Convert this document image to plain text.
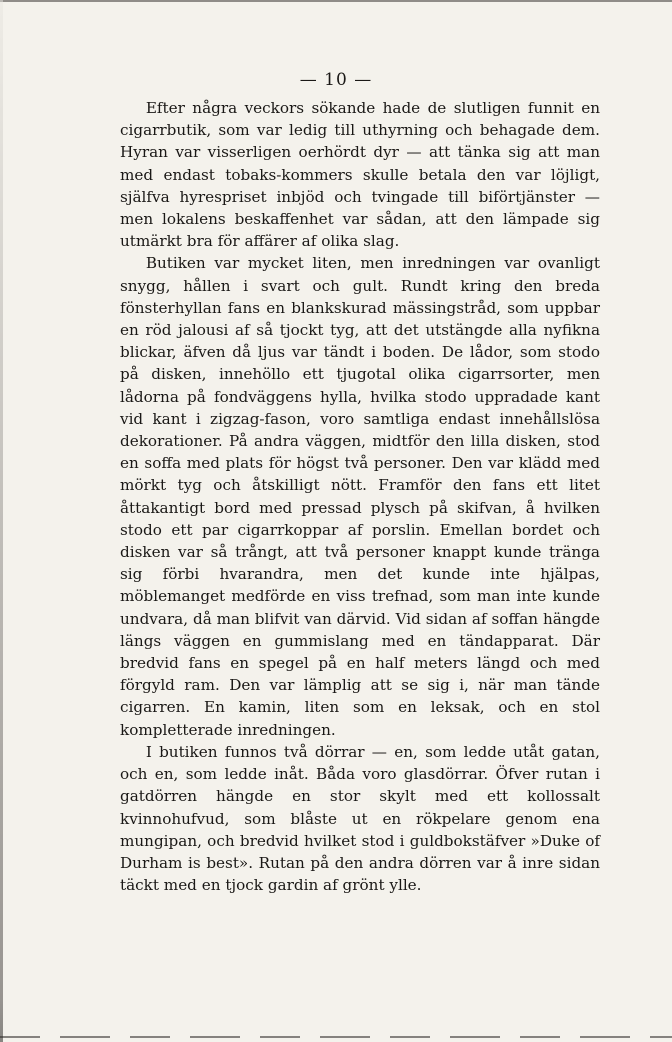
— 10 —

Efter några veckors sökande hade de slutligen funnit en cigarrbutik, som var ledig till uthyrning och behagade dem. Hyran var visserligen oerhördt dyr — att tänka sig att man med endast tobaks-kommers skulle betala den var löjligt, själfva hyrespriset inbjöd och tvingade till biförtjänster — men lokalens beskaffenhet var sådan, att den lämpade sig utmärkt bra för affärer af olika slag.

Butiken var mycket liten, men inredningen var ovanligt snygg, hållen i svart och gult. Rundt kring den breda fönsterhyllan fans en blankskurad mässingstråd, som uppbar en röd jalousi af så tjockt tyg, att det utstängde alla nyfikna blickar, äfven då ljus var tändt i boden. De lådor, som stodo på disken, innehöllo ett tjugotal olika cigarrsorter, men lådorna på fondväggens hylla, hvilka stodo uppradade kant vid kant i zigzag-fason, voro samtliga endast innehållslösa dekorationer. På andra väggen, midtför den lilla disken, stod en soffa med plats för högst två personer. Den var klädd med mörkt tyg och åtskilligt nött. Framför den fans ett litet åttakantigt bord med pressad plysch på skifvan, å hvilken stodo ett par cigarrkoppar af porslin. Emellan bordet och disken var så trångt, att två personer knappt kunde tränga sig förbi hvarandra, men det kunde inte hjälpas, möblemanget medförde en viss trefnad, som man inte kunde undvara, då man blifvit van därvid. Vid sidan af soffan hängde längs väggen en gummislang med en tändapparat. Där bredvid fans en spegel på en half meters längd och med förgyld ram. Den var lämplig att se sig i, när man tände cigarren. En kamin, liten som en leksak, och en stol kompletterade inredningen.

I butiken funnos två dörrar — en, som ledde utåt gatan, och en, som ledde inåt. Båda voro glasdörrar. Öfver rutan i gatdörren hängde en stor skylt med ett kollossalt kvinnohufvud, som blåste ut en rökpelare genom ena mungipan, och bredvid hvilket stod i guldbokstäfver »Duke of Durham is best». Rutan på den andra dörren var å inre sidan täckt med en tjock gardin af grönt ylle.
